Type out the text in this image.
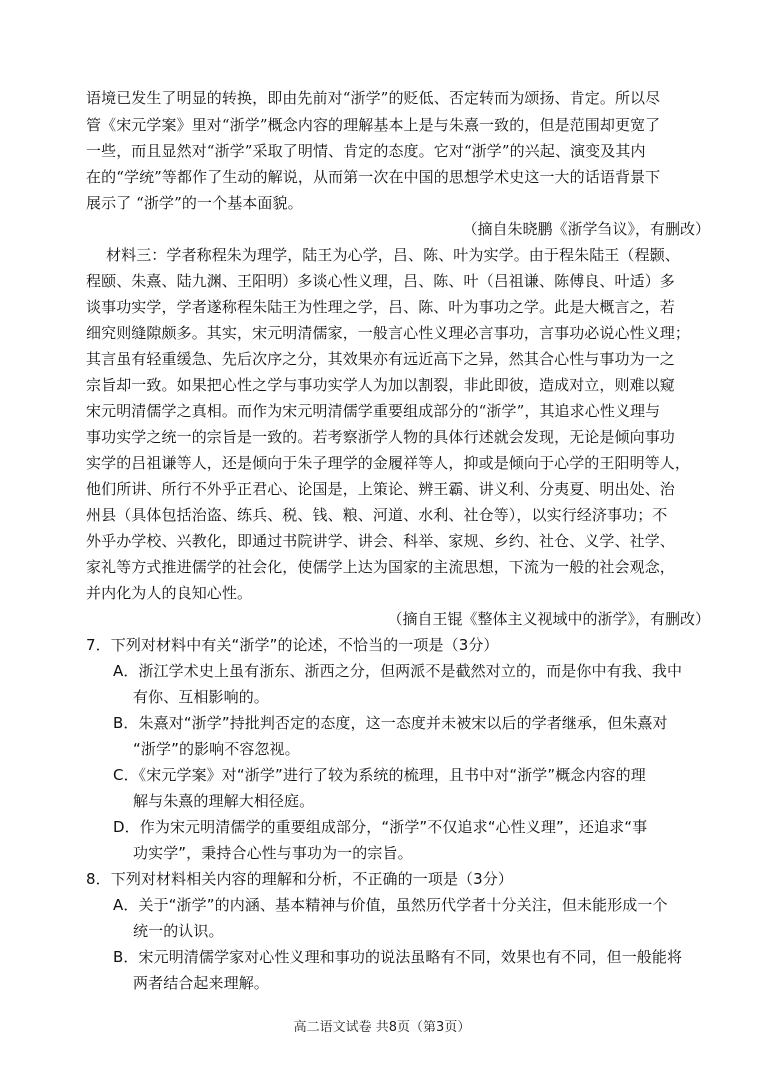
语境已发生了明显的转换，即由先前对“浙学”的贬低、否定转而为颂扬、肯定。所以尽
管《宋元学案》里对“浙学”概念内容的理解基本上是与朱熹一致的，但是范围却更宽了
一些，而且显然对“浙学”采取了明情、肯定的态度。它对“浙学”的兴起、演变及其内
在的“学统”等都作了生动的解说，从而第一次在中国的思想学术史这一大的话语背景下
展示了 “浙学”的一个基本面貌。
（摘自朱晓鹏《浙学刍议》，有删改）
材料三：学者称程朱为理学，陆王为心学，吕、陈、叶为实学。由于程朱陆王（程颢、
程颐、朱熹、陆九渊、王阳明）多谈心性义理，吕、陈、叶（吕祖谦、陈傅良、叶适）多
谈事功实学，学者遂称程朱陆王为性理之学，吕、陈、叶为事功之学。此是大概言之，若
细究则缝隙颇多。其实，宋元明清儒家，一般言心性义理必言事功，言事功必说心性义理；
其言虽有轻重缓急、先后次序之分，其效果亦有远近高下之异，然其合心性与事功为一之
宗旨却一致。如果把心性之学与事功实学人为加以割裂，非此即彼，造成对立，则难以窥
宋元明清儒学之真相。而作为宋元明清儒学重要组成部分的“浙学”，其追求心性义理与
事功实学之统一的宗旨是一致的。若考察浙学人物的具体行述就会发现，无论是倾向事功
实学的吕祖谦等人，还是倾向于朱子理学的金履祥等人，抑或是倾向于心学的王阳明等人，
他们所讲、所行不外乎正君心、论国是，上策论、辨王霸、讲义利、分夷夏、明出处、治
州县（具体包括治盗、练兵、税、钱、粮、河道、水利、社仓等），以实行经济事功；不
外乎办学校、兴教化，即通过书院讲学、讲会、科举、家规、乡约、社仓、义学、社学、
家礼等方式推进儒学的社会化，使儒学上达为国家的主流思想，下流为一般的社会观念，
并内化为人的良知心性。
（摘自王锟《整体主义视域中的浙学》，有删改）
7．下列对材料中有关“浙学”的论述，不恰当的一项是（3分）
A．浙江学术史上虽有浙东、浙西之分，但两派不是截然对立的，而是你中有我、我中
有你、互相影响的。
B．朱熹对“浙学”持批判否定的态度，这一态度并未被宋以后的学者继承，但朱熹对
“浙学”的影响不容忽视。
C．《宋元学案》对“浙学”进行了较为系统的梳理，且书中对“浙学”概念内容的理
解与朱熹的理解大相径庭。
D．作为宋元明清儒学的重要组成部分，“浙学”不仅追求“心性义理”，还追求“事
功实学”，秉持合心性与事功为一的宗旨。
8．下列对材料相关内容的理解和分析，不正确的一项是（3分）
A．关于“浙学”的内涵、基本精神与价值，虽然历代学者十分关注，但未能形成一个
统一的认识。
B．宋元明清儒学家对心性义理和事功的说法虽略有不同，效果也有不同，但一般能将
两者结合起来理解。
高二语文试卷 共8页（第3页）
